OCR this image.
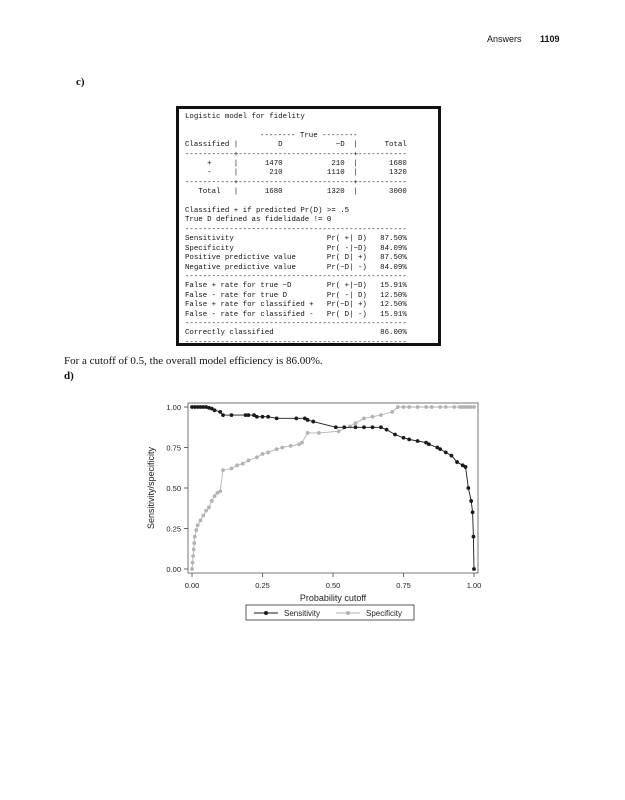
Answers 1109
c)
Logistic model for fidelity

-------- True --------
Classified |         D            ~D  |      Total
-----------+--------------------------+-----------
+     |      1470           210  |       1680
-     |       210          1110  |       1320
-----------+--------------------------+-----------
Total   |      1680          1320  |       3000

Classified + if predicted Pr(D) >= .5
True D defined as fidelidade != 0
--------------------------------------------------
Sensitivity                     Pr( +| D)   87.50%
Specificity                     Pr( -|~D)   84.09%
Positive predictive value       Pr( D| +)   87.50%
Negative predictive value       Pr(~D| -)   84.09%
--------------------------------------------------
False + rate for true ~D        Pr( +|~D)   15.91%
False - rate for true D         Pr( -| D)   12.50%
False + rate for classified +   Pr(~D| +)   12.50%
False - rate for classified -   Pr( D| -)   15.91%
--------------------------------------------------
Correctly classified                        86.00%
--------------------------------------------------
For a cutoff of 0.5, the overall model efficiency is 86.00%.
d)
0.00
0.25
0.50
0.75
1.00
0.00	0.25	0.50	0.75	1.00
Sensitivity/specificity
Probability cutoff
Sensitivity	Specificity
